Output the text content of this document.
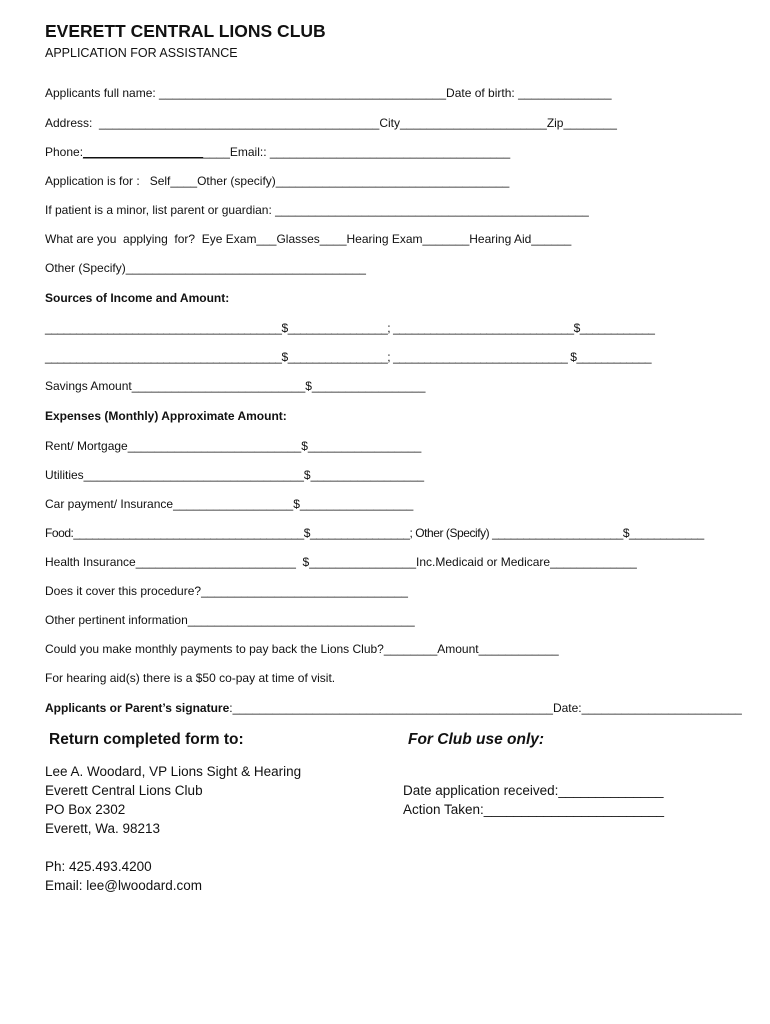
EVERETT CENTRAL LIONS CLUB
APPLICATION FOR ASSISTANCE
Applicants full name: ___________________________________________Date of birth: ______________
Address:  __________________________________________City______________________Zip________
Phone:______________________Email:: ____________________________________
Application is for :   Self____Other (specify)___________________________________
If patient is a minor, list parent or guardian: _______________________________________________
What are you  applying  for?  Eye Exam___Glasses____Hearing Exam_______Hearing Aid______
Other (Specify)____________________________________
Sources of Income and Amount:
______________________________________$________________; _____________________________$____________
______________________________________$________________; ____________________________ $____________
Savings Amount__________________________$_________________
Expenses (Monthly) Approximate Amount:
Rent/ Mortgage__________________________$_________________
Utilities_________________________________$_________________
Car payment/ Insurance__________________$_________________
Food:_____________________________________$________________; Other (Specify) _____________________$____________
Health Insurance________________________  $________________Inc.Medicaid or Medicare_____________
Does it cover this procedure?_______________________________
Other pertinent information__________________________________
Could you make monthly payments to pay back the Lions Club?________Amount____________
For hearing aid(s) there is a $50 co-pay at time of visit.
Applicants or Parent’s signature:________________________________________________Date:________________________
Return completed form to:	For Club use only:
Lee A. Woodard, VP Lions Sight & Hearing
Everett Central Lions Club
PO Box 2302
Everett, Wa. 98213
Date application received:______________
Action Taken:________________________
Ph: 425.493.4200
Email: lee@lwoodard.com
